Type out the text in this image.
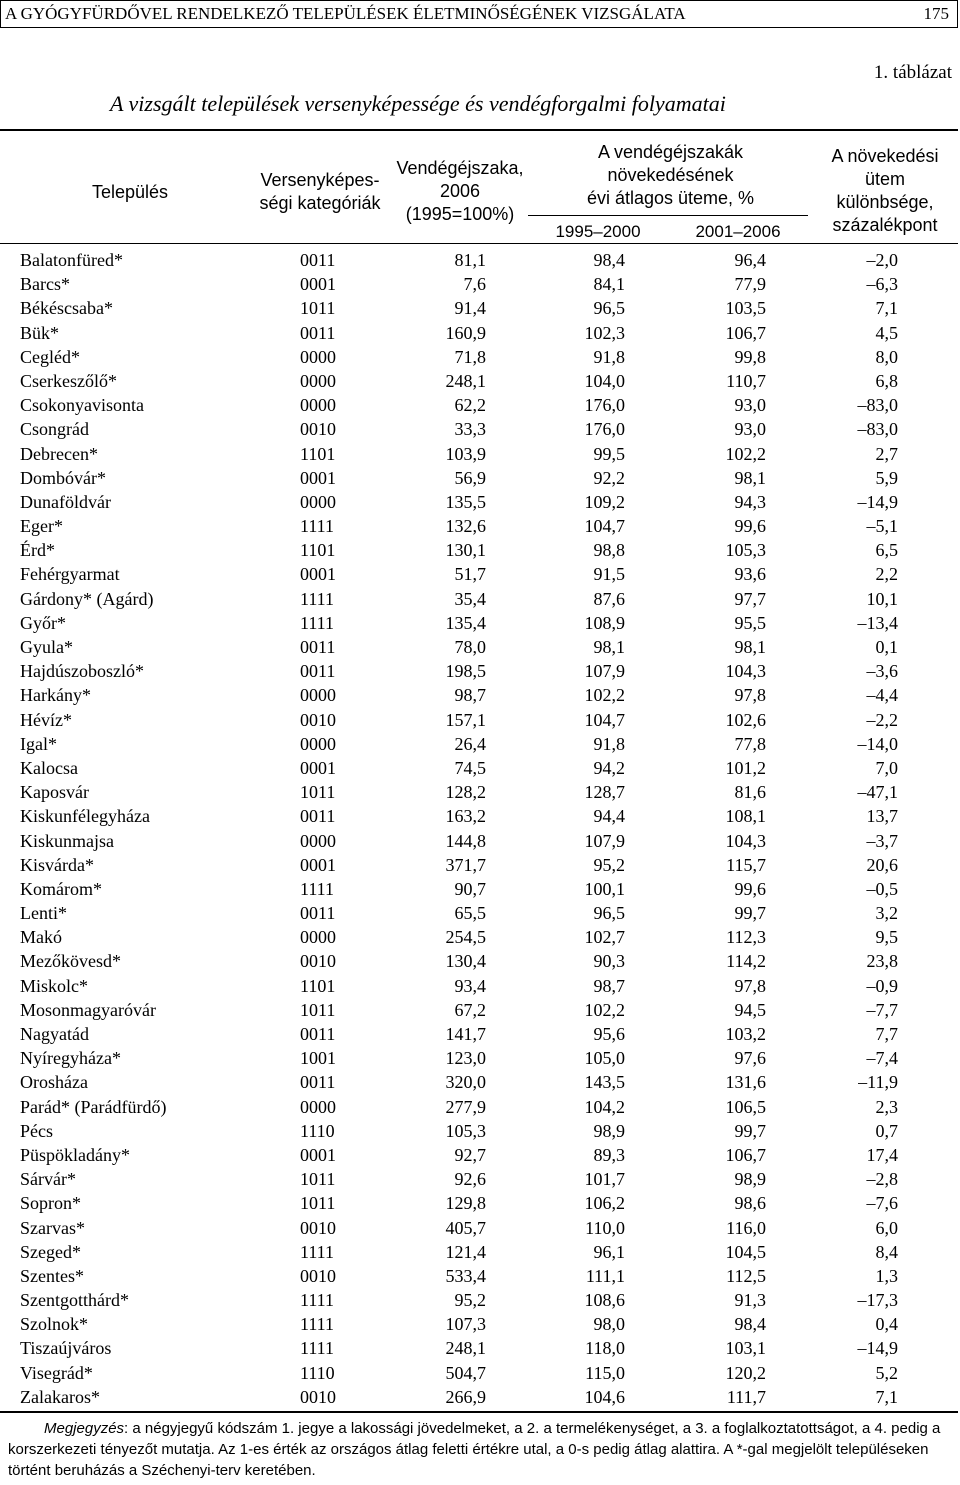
A GYÓGYFÜRDŐVEL RENDELKEZŐ TELEPÜLÉSEK ÉLETMINŐSÉGÉNEK VIZSGÁLATA	175
1. táblázat
A vizsgált települések versenyképessége és vendégforgalmi folyamatai
Település
Versenyképes-
ségi kategóriák
Vendégéjszaka,
2006
(1995=100%)
A vendégéjszakák
növekedésének
évi átlagos üteme, %
1995–2000	2001–2006
A növekedési
ütem
különbsége,
százalékpont
Balatonfüred*	0011	81,1	98,4	96,4	–2,0
Barcs*	0001	7,6	84,1	77,9	–6,3
Békéscsaba*	1011	91,4	96,5	103,5	7,1
Bük*	0011	160,9	102,3	106,7	4,5
Cegléd*	0000	71,8	91,8	99,8	8,0
Cserkeszőlő*	0000	248,1	104,0	110,7	6,8
Csokonyavisonta	0000	62,2	176,0	93,0	–83,0
Csongrád	0010	33,3	176,0	93,0	–83,0
Debrecen*	1101	103,9	99,5	102,2	2,7
Dombóvár*	0001	56,9	92,2	98,1	5,9
Dunaföldvár	0000	135,5	109,2	94,3	–14,9
Eger*	1111	132,6	104,7	99,6	–5,1
Érd*	1101	130,1	98,8	105,3	6,5
Fehérgyarmat	0001	51,7	91,5	93,6	2,2
Gárdony* (Agárd)	1111	35,4	87,6	97,7	10,1
Győr*	1111	135,4	108,9	95,5	–13,4
Gyula*	0011	78,0	98,1	98,1	0,1
Hajdúszoboszló*	0011	198,5	107,9	104,3	–3,6
Harkány*	0000	98,7	102,2	97,8	–4,4
Hévíz*	0010	157,1	104,7	102,6	–2,2
Igal*	0000	26,4	91,8	77,8	–14,0
Kalocsa	0001	74,5	94,2	101,2	7,0
Kaposvár	1011	128,2	128,7	81,6	–47,1
Kiskunfélegyháza	0011	163,2	94,4	108,1	13,7
Kiskunmajsa	0000	144,8	107,9	104,3	–3,7
Kisvárda*	0001	371,7	95,2	115,7	20,6
Komárom*	1111	90,7	100,1	99,6	–0,5
Lenti*	0011	65,5	96,5	99,7	3,2
Makó	0000	254,5	102,7	112,3	9,5
Mezőkövesd*	0010	130,4	90,3	114,2	23,8
Miskolc*	1101	93,4	98,7	97,8	–0,9
Mosonmagyaróvár	1011	67,2	102,2	94,5	–7,7
Nagyatád	0011	141,7	95,6	103,2	7,7
Nyíregyháza*	1001	123,0	105,0	97,6	–7,4
Orosháza	0011	320,0	143,5	131,6	–11,9
Parád* (Parádfürdő)	0000	277,9	104,2	106,5	2,3
Pécs	1110	105,3	98,9	99,7	0,7
Püspökladány*	0001	92,7	89,3	106,7	17,4
Sárvár*	1011	92,6	101,7	98,9	–2,8
Sopron*	1011	129,8	106,2	98,6	–7,6
Szarvas*	0010	405,7	110,0	116,0	6,0
Szeged*	1111	121,4	96,1	104,5	8,4
Szentes*	0010	533,4	111,1	112,5	1,3
Szentgotthárd*	1111	95,2	108,6	91,3	–17,3
Szolnok*	1111	107,3	98,0	98,4	0,4
Tiszaújváros	1111	248,1	118,0	103,1	–14,9
Visegrád*	1110	504,7	115,0	120,2	5,2
Zalakaros*	0010	266,9	104,6	111,7	7,1

Megjegyzés: a négyjegyű kódszám 1. jegye a lakossági jövedelmeket, a 2. a termelékenységet, a 3. a foglalkoztatottságot, a 4. pedig a korszerkezeti tényezőt mutatja. Az 1-es érték az országos átlag feletti értékre utal, a 0-s pedig átlag alattira. A *-gal megjelölt településeken történt beruházás a Széchenyi-terv keretében.
